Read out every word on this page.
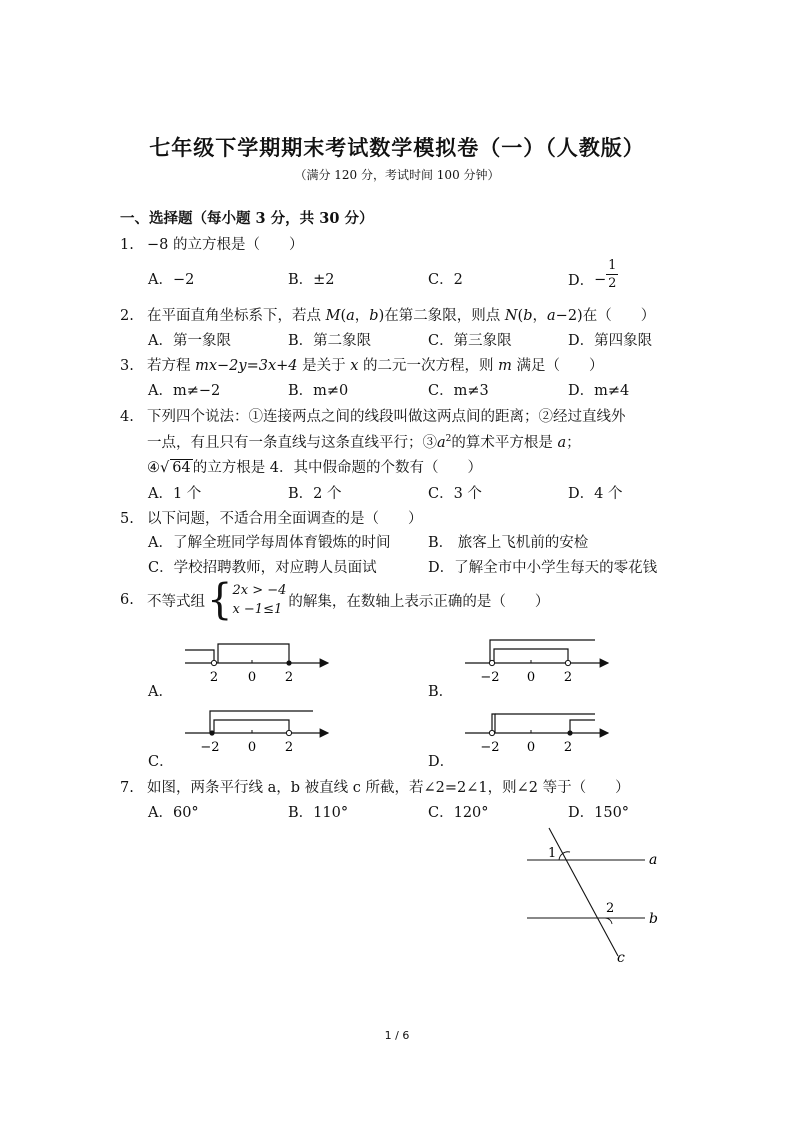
七年级下学期期末考试数学模拟卷（一）（人教版）
（满分 120 分，考试时间 100 分钟）
一、选择题（每小题 3 分，共 30 分）
1. −8 的立方根是（　　）
A．−2	B．±2	C．2	D． − $\frac{1}{2}$
2. 在平面直角坐标系下，若点 M(a，b)在第二象限，则点 N(b，a−2)在（　　）
A．第一象限	B．第二象限	C．第三象限	D．第四象限
3. 若方程 mx−2y=3x+4 是关于 x 的二元一次方程，则 m 满足（　　）
A．m≠−2	B．m≠0	C．m≠3	D．m≠4
4. 下列四个说法：①连接两点之间的线段叫做这两点间的距离；②经过直线外
一点，有且只有一条直线与这条直线平行；$③a^2$的算术平方根是 a；
④√ 64 的立方根是 4．其中假命题的个数有（　　）
A．1 个	B．2 个	C．3 个	D．4 个
5. 以下问题，不适合用全面调查的是（　　）
A．了解全班同学每周体育锻炼的时间	B． 旅客上飞机前的安检
C．学校招聘教师，对应聘人员面试	D．了解全市中小学生每天的零花钱
6. 不等式组 { 2x > −4
x −1≤1 的解集，在数轴上表示正确的是（　　）
2 0 2	−2 0 2
−2 0 2	−2 0 2
A．	B．
C．	D．
7. 如图，两条平行线 a，b 被直线 c 所截，若∠2=2∠1，则∠2 等于（　　）
A．60°	B．110°	C．120°	D．150°
1
2
a
b
c
1 / 6
